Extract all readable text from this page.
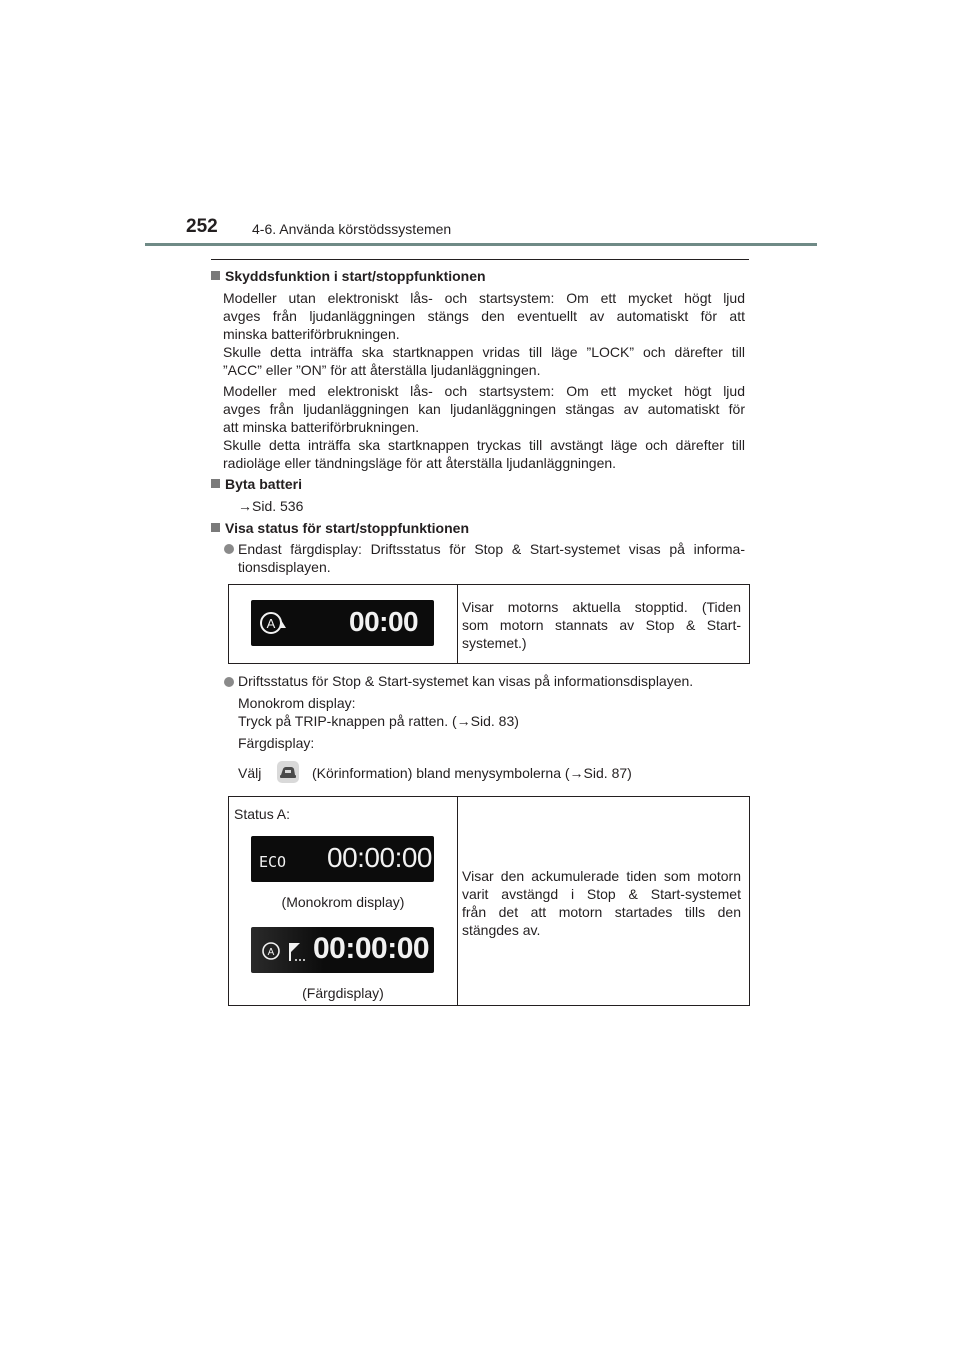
252 4-6. Använda körstödssystemen
Skyddsfunktion i start/stoppfunktionen
Modeller utan elektroniskt lås- och startsystem: Om ett mycket högt ljud
avges från ljudanläggningen stängs den eventuellt av automatiskt för att
minska batteriförbrukningen.
Skulle detta inträffa ska startknappen vridas till läge ”LOCK” och därefter till
”ACC” eller ”ON” för att återställa ljudanläggningen.
Modeller med elektroniskt lås- och startsystem: Om ett mycket högt ljud
avges från ljudanläggningen kan ljudanläggningen stängas av automatiskt för
att minska batteriförbrukningen.
Skulle detta inträffa ska startknappen tryckas till avstängt läge och därefter till
radioläge eller tändningsläge för att återställa ljudanläggningen.
Byta batteri
→Sid. 536
Visa status för start/stoppfunktionen
Endast färgdisplay: Driftsstatus för Stop & Start-systemet visas på informa-
tionsdisplayen.
A	00:00	Visar motorns aktuella stopptid. (Tiden
som motorn stannats av Stop & Start-
systemet.)
Driftsstatus för Stop & Start-systemet kan visas på informationsdisplayen.
Monokrom display:
Tryck på TRIP-knappen på ratten. (→Sid. 83)
Färgdisplay:
Välj	(Körinformation) bland menysymbolerna (→Sid. 87)
Status A:
ECO 00:00:00
(Monokrom display)
A 00:00:00
(Färgdisplay)
Visar den ackumulerade tiden som motorn
varit avstängd i Stop & Start-systemet
från det att motorn startades tills den
stängdes av.
